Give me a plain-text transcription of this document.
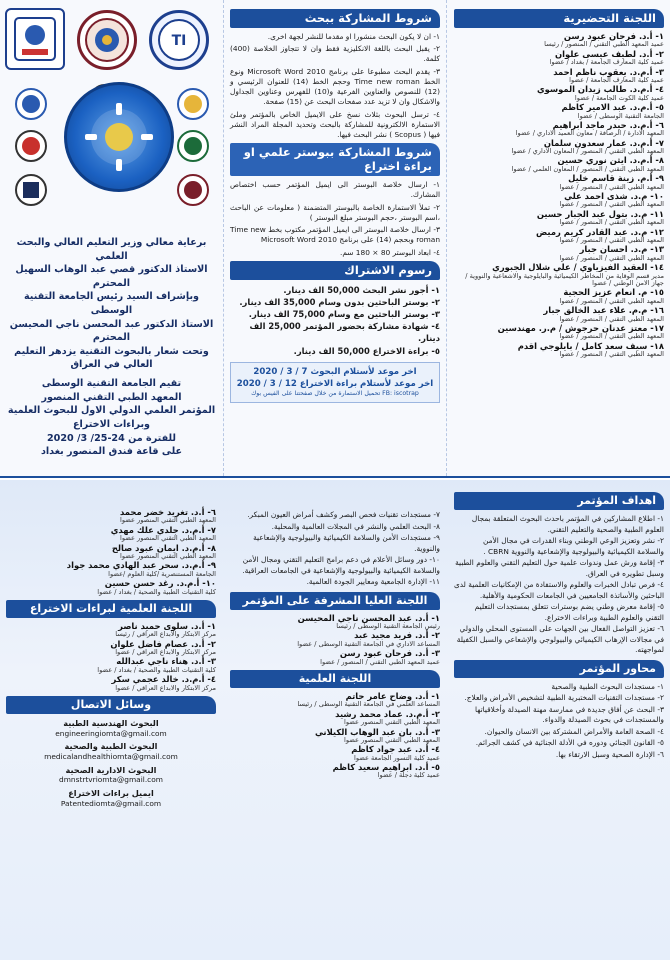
اللجنة التحضيرية
١- أ.د. فرحان عبود رسن
عميد المعهد الطبي التقني / المنصور / رئيسا
٢- أ.د. لطيف عيسى علوان
عميد كلية المعارف الجامعة / بغداد / عضوا
٣- أ.م.د. يعقوب ناظم احمد
عميد كلية المعارف الجامعة / عضوا
٤- أ.م.د. طالب زيدان الموسوي
عميد كلية الكوت الجامعة / عضوا
٥- أ.م.د. عبد الامير كاظم
الجامعة التقنية الوسطى / عضوا
٦- أ.م.د. حيدر ماجد ابراهيم
المعهد الادارة / الرصافة / معاون العميد الاداري / عضوا
٧- أ.م.د. عمار سعدون سلمان
المعهد الطبي التقني / المنصور / المعاون الاداري / عضوا
٨- أ.م.د. ايثن نوري حسين
المعهد الطبي التقني / المنصور / المعاون العلمي / عضوا
٩- أ.م. زينة قاسم خليل
المعهد الطبي التقني / المنصور / عضوا
١٠- م.د. شذى احمد علي
المعهد الطبي التقني / المنصور / عضوا
١١- م.د. بتول عبد الجبار حسين
المعهد الطبي التقني / المنصور / عضوا
١٢- م.د. عبد القادر كريم رميض
المعهد الطبي التقني / المنصور / عضوا
١٣- م.د. احسان جبار
المعهد الطبي التقني / المنصور / عضوا
١٤- العقيد الفيزياوي / علي شلال الجبوري
مدير قسم الوقاية من المخاطر الكيميائية والبايلوجية والاشعاعية والنووية / جهاز الامن الوطني / عضوا
١٥- م. انعام عزيز الحجية
المعهد الطبي التقني / المنصور / عضوا
١٦- م.م. علاء عبد الخالق جبار
المعهد الطبي التقني / المنصور / عضوا
١٧- معتز عدنان حرجوش / م.ر. مهندسين
المعهد الطبي التقني / المنصور / عضوا
١٨- سيف سعد كامل / بايلوجي اقدم
المعهد الطبي التقني / المنصور / عضوا
شروط المشاركة ببحث
١- ان لا يكون البحث منشورا او مقدما للنشر لجهة اخرى.
٢- يقبل البحث باللغة الانكليزية فقط وان لا تتجاوز الخلاصة (400) كلمة.
٣- يقدم البحث مطبوعا على برنامج Microsoft Word 2010 ونوع الخط Time new roman وحجم الخط (14) للعنوان الرئيسي و (12) للنصوص والعناوين الفرعية و(10) للفهرس وعناوين الجداول والاشكال وان لا تزيد عدد صفحات البحث عن (15) صفحة.
٤- ترسل البحوث بثلاث نسخ على الايميل الخاص بالمؤتمر وملئ الاستمارة الالكترونية للمشاركة بالبحث وتحديد المجلة المراد النشر فيها ( Scopus ) نشر البحث فيها.
شروط المشاركة ببوستر علمي او براءة اختراع
١- ارسال خلاصة البوستر الى ايميل المؤتمر حسب اختصاص المشارك.
٢- تملأ الاستمارة الخاصة بالبوستر المتضمنة ( معلومات عن الباحث ،اسم البوستر ،حجم البوستر مبلغ البوستر )
٣- ارسال خلاصة البوستر الى ايميل المؤتمر مكتوب بخط Time new roman وبحجم (14) على برنامج Microsoft Word 2010
٤- ابعاد البوستر 80 × 180 سم.
رسوم الاشتراك
١- أجور نشر البحث 50,000 الف دينار.
٢- بوستر الباحثين بدون وسام 35,000 الف دينار.
٣- بوستر الباحثين مع وسام 75,000 الف دينار.
٤- شهادة مشاركة بحضور المؤتمر 25,000 الف دينار.
٥- براءة الاختراع 50,000 الف دينار.
اخر موعد لأستلام البحوث 7 / 3 / 2020
اخر موعد لأستلام براءة الاختراع 12 / 3 / 2020
FB: iscotrap تحميل الاستمارة من خلال صفحتنا على الفيس بوك
TI
برعاية معالي وزير التعليم العالي والبحث العلمي
الاستاذ الدكتور قصي عبد الوهاب السهيل
المحترم
وبإشراف السيد رئيس الجامعة التقنية الوسطى
الاستاذ الدكتور عبد المحسن ناجي المحيسن
المحترم
وتحت شعار بالبحوث التقنية يزدهر التعليم العالي في العراق
تقيم الجامعة التقنية الوسطى
المعهد الطبي التقني المنصور
المؤتمر العلمي الدولي الاول للبحوث العلمية وبراءات الاختراع
للفترة من 24-25/ 3/ 2020
على قاعة فندق المنصور بغداد
اهداف المؤتمر
١- اطلاع المشاركين في المؤتمر باحدث البحوث المتعلقة بمجال العلوم الطبية والصحية والتعليم التقني.
٢- نشر وتعزيز الوعي الوطني وبناء القدرات في مجال الأمن والسلامة الكيميائية والبيولوجية والإشعاعية والنووية CBRN .
٣- إقامة ورش عمل وندوات علمية حول التعليم التقني والعلوم الطبية وسبل تطويره في العراق.
٤- فرص تبادل الخبرات والعلوم والاستفادة من الإمكانيات العلمية لدى الباحثين والأساتذة الجامعيين في الجامعات الحكومية والأهلية.
٥- إقامة معرض وطني يضم بوسترات تتعلق بمستجدات التعليم التقني والعلوم الطبية وبراءات الاختراع.
٦- تعزيز التواصل الفعال بين الجهات على المستوى المحلي والدولي في مجالات الإرهاب الكيميائي والبيولوجي والإشعاعي والسبل الكفيلة لمواجهته.
محاور المؤتمر
١- مستجدات البحوث الطبية والصحية
٢- مستجدات التقنيات المختبرية الطبية لتشخيص الأمراض والعلاج.
٣- البحث عن أفاق جديدة في ممارسة مهنة الصيدلة وأخلاقياتها والمستجدات في بحوث الصيدلة والدواء.
٤- الصحة العامة والأمراض المشتركة بين الانسان والحيوان.
٥- القانون الجنائي ودوره في الأدلة الجنائية في كشف الجرائم.
٦- الإدارة الصحية وسبل الارتقاء بها.
٧- مستجدات تقنيات فحص البصر وكشف أمراض العيون المبكر.
٨- البحث العلمي والنشر في المجلات العالمية والمحلية.
٩- مستجدات الأمن والسلامة الكيميائية والبيولوجية والإشعاعية والنووية.
١٠- دور وسائل الأعلام في دعم برامج التعليم التقني ومجال الأمن والسلامة الكيميائية والبيولوجية والإشعاعية في الجامعات العراقية.
١١- الإدارة الجامعية ومعايير الجودة العالمية.
اللجنة العليا المشرفة على المؤتمر
١- أ.د. عبد المحسن ناجي المحيسن
رئيس الجامعة التقنية الوسطى / رئيسا
٢- أ.د. فريد مجيد عبد
المساعد الاداري في الجامعة التقنية الوسطى / عضوا
٣- أ.د. فرحان عبود رسن
عميد المعهد الطبي التقني / المنصور / عضوا
اللجنة العلمية
١- أ.د. وضاح عامر حاتم
المساعد العلمي في الجامعة التقنية الوسطى / رئيسا
٢- أ.م.د. عماد محمد رشيد
المعهد الطبي التقني المنصور عضوا
٣- أ.د. بان عبد الوهاب الكيلاني
المعهد الطبي التقني المنصور عضوا
٤- أ.د. عبد جواد كاظم
عميد كلية التسور الجامعة عضوا
٥- أ.د. ابراهيم سعيد كاظم
عميد كلية دجلة / عضوا
٦- أ.د. تغريد خضر محمد
المعهد الطبي التقني المنصور عضوا
٧- أ.م.د. جلدي علك مهدي
المعهد الطبي التقني المنصور عضوا
٨- أ.م.د. ايمان عبود صالح
المعهد الطبي التقني المنصور عضوا
٩- أ.م.د. سحر عبد الهادي محمد جواد
الجامعة المستنصرية /كلية العلوم /عضوا
١٠- أ.م.د. رغد حسن حسين
كلية التقنيات الطبية والصحية / بغداد / عضوا
اللجنة العلمية لبراءات الاختراع
١- أ.د. سلوى حميد ناصر
مركز الابتكار والابداع العراقي / رئيسا
٢- أ.د. عصام فاضل علوان
مركز الابتكار والابداع العراقي / عضوا
٣- أ.د. هناء ناجي عبدالله
كلية التقنيات الطبية والصحية / بغداد / عضوا
٤- أ.م.د. خالد عجمي سكر
مركز الابتكار والابداع العراقي / عضوا
وسائل الاتصال
البحوث الهندسية الطبية
engineeringiomta@gmail.com
البحوث الطبية والصحية
medicalandhealthiomta@gmail.com
البحوث الادارية الصحية
dmnstrtvriomta@gmail.com
ايميل براءات الاختراع
Patentediomta@gmail.com
